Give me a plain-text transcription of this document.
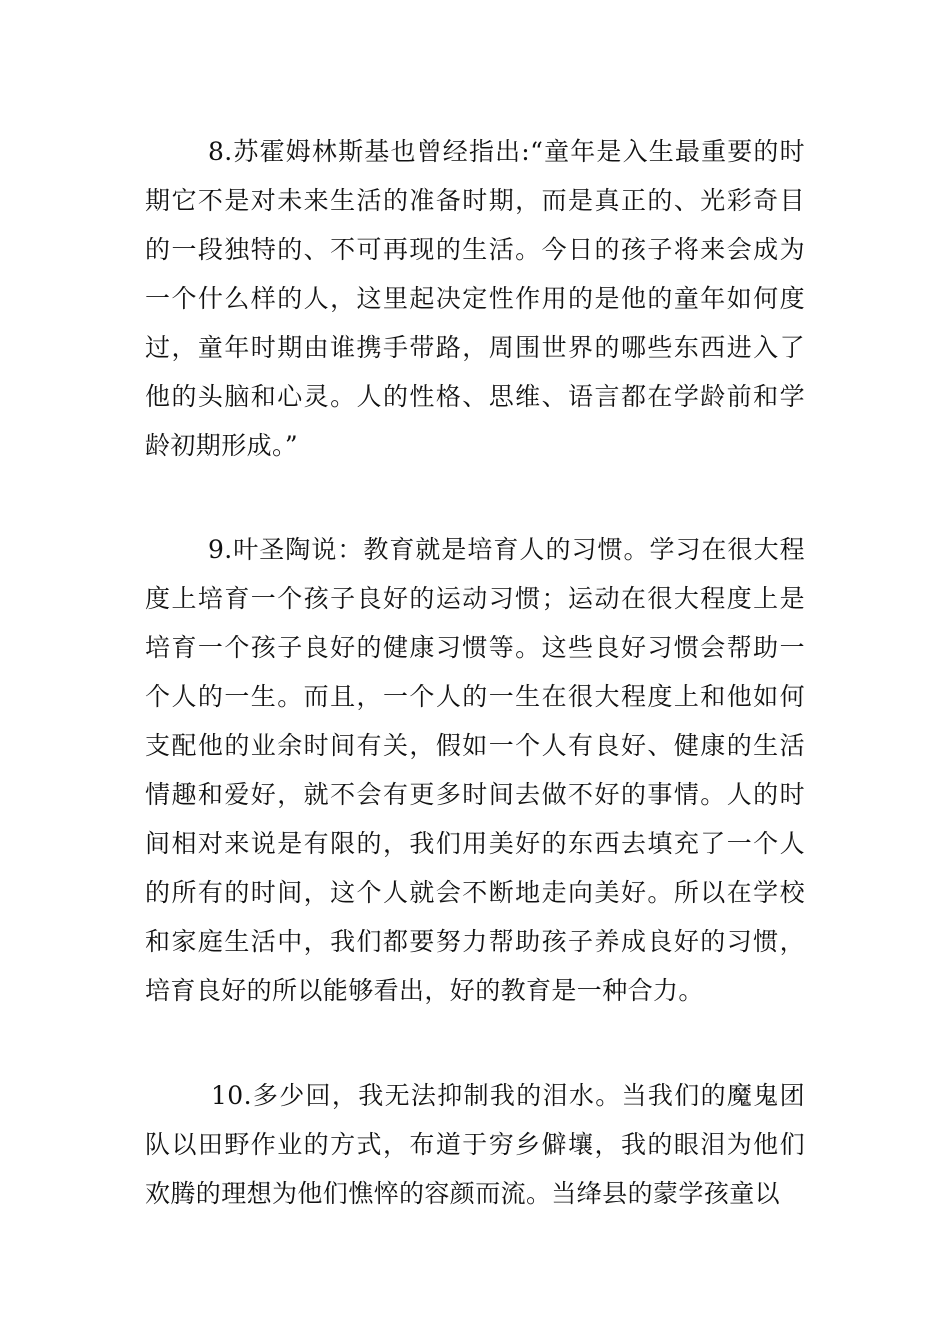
8.苏霍姆林斯基也曾经指出:“童年是入生最重要的时期它不是对未来生活的准备时期，而是真正的、光彩奇目的一段独特的、不可再现的生活。今日的孩子将来会成为一个什么样的人，这里起决定性作用的是他的童年如何度过，童年时期由谁携手带路，周围世界的哪些东西进入了他的头脑和心灵。人的性格、思维、语言都在学龄前和学龄初期形成。”

9.叶圣陶说：教育就是培育人的习惯。学习在很大程度上培育一个孩子良好的运动习惯；运动在很大程度上是培育一个孩子良好的健康习惯等。这些良好习惯会帮助一个人的一生。而且，一个人的一生在很大程度上和他如何支配他的业余时间有关，假如一个人有良好、健康的生活情趣和爱好，就不会有更多时间去做不好的事情。人的时间相对来说是有限的，我们用美好的东西去填充了一个人的所有的时间，这个人就会不断地走向美好。所以在学校和家庭生活中，我们都要努力帮助孩子养成良好的习惯，培育良好的所以能够看出，好的教育是一种合力。

10.多少回，我无法抑制我的泪水。当我们的魔鬼团队以田野作业的方式，布道于穷乡僻壤，我的眼泪为他们欢腾的理想为他们憔悴的容颜而流。当绛县的蒙学孩童以
